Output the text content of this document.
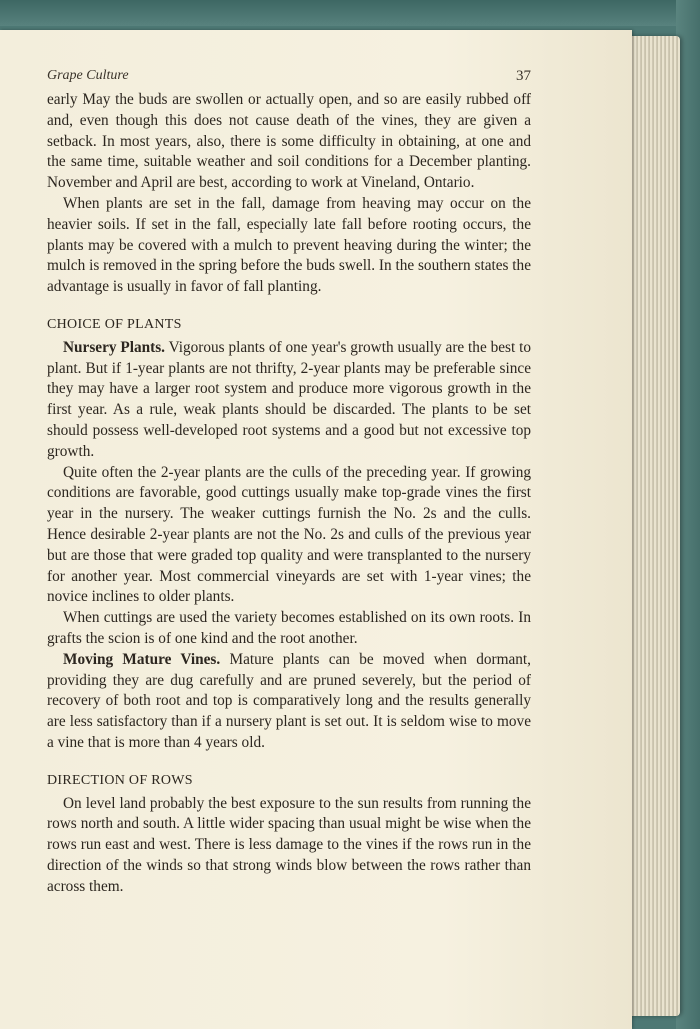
Grape Culture	37

early May the buds are swollen or actually open, and so are easily rubbed off and, even though this does not cause death of the vines, they are given a setback. In most years, also, there is some difficulty in obtaining, at one and the same time, suitable weather and soil conditions for a December planting. November and April are best, according to work at Vineland, Ontario.

When plants are set in the fall, damage from heaving may occur on the heavier soils. If set in the fall, especially late fall before rooting occurs, the plants may be covered with a mulch to prevent heaving during the winter; the mulch is removed in the spring before the buds swell. In the southern states the advantage is usually in favor of fall planting.

CHOICE OF PLANTS

Nursery Plants. Vigorous plants of one year's growth usually are the best to plant. But if 1-year plants are not thrifty, 2-year plants may be preferable since they may have a larger root system and produce more vigorous growth in the first year. As a rule, weak plants should be discarded. The plants to be set should possess well-developed root systems and a good but not excessive top growth.

Quite often the 2-year plants are the culls of the preceding year. If growing conditions are favorable, good cuttings usually make top-grade vines the first year in the nursery. The weaker cuttings furnish the No. 2s and the culls. Hence desirable 2-year plants are not the No. 2s and culls of the previous year but are those that were graded top quality and were transplanted to the nursery for another year. Most commercial vineyards are set with 1-year vines; the novice inclines to older plants.

When cuttings are used the variety becomes established on its own roots. In grafts the scion is of one kind and the root another.

Moving Mature Vines. Mature plants can be moved when dormant, providing they are dug carefully and are pruned severely, but the period of recovery of both root and top is comparatively long and the results generally are less satisfactory than if a nursery plant is set out. It is seldom wise to move a vine that is more than 4 years old.

DIRECTION OF ROWS

On level land probably the best exposure to the sun results from running the rows north and south. A little wider spacing than usual might be wise when the rows run east and west. There is less damage to the vines if the rows run in the direction of the winds so that strong winds blow between the rows rather than across them.
